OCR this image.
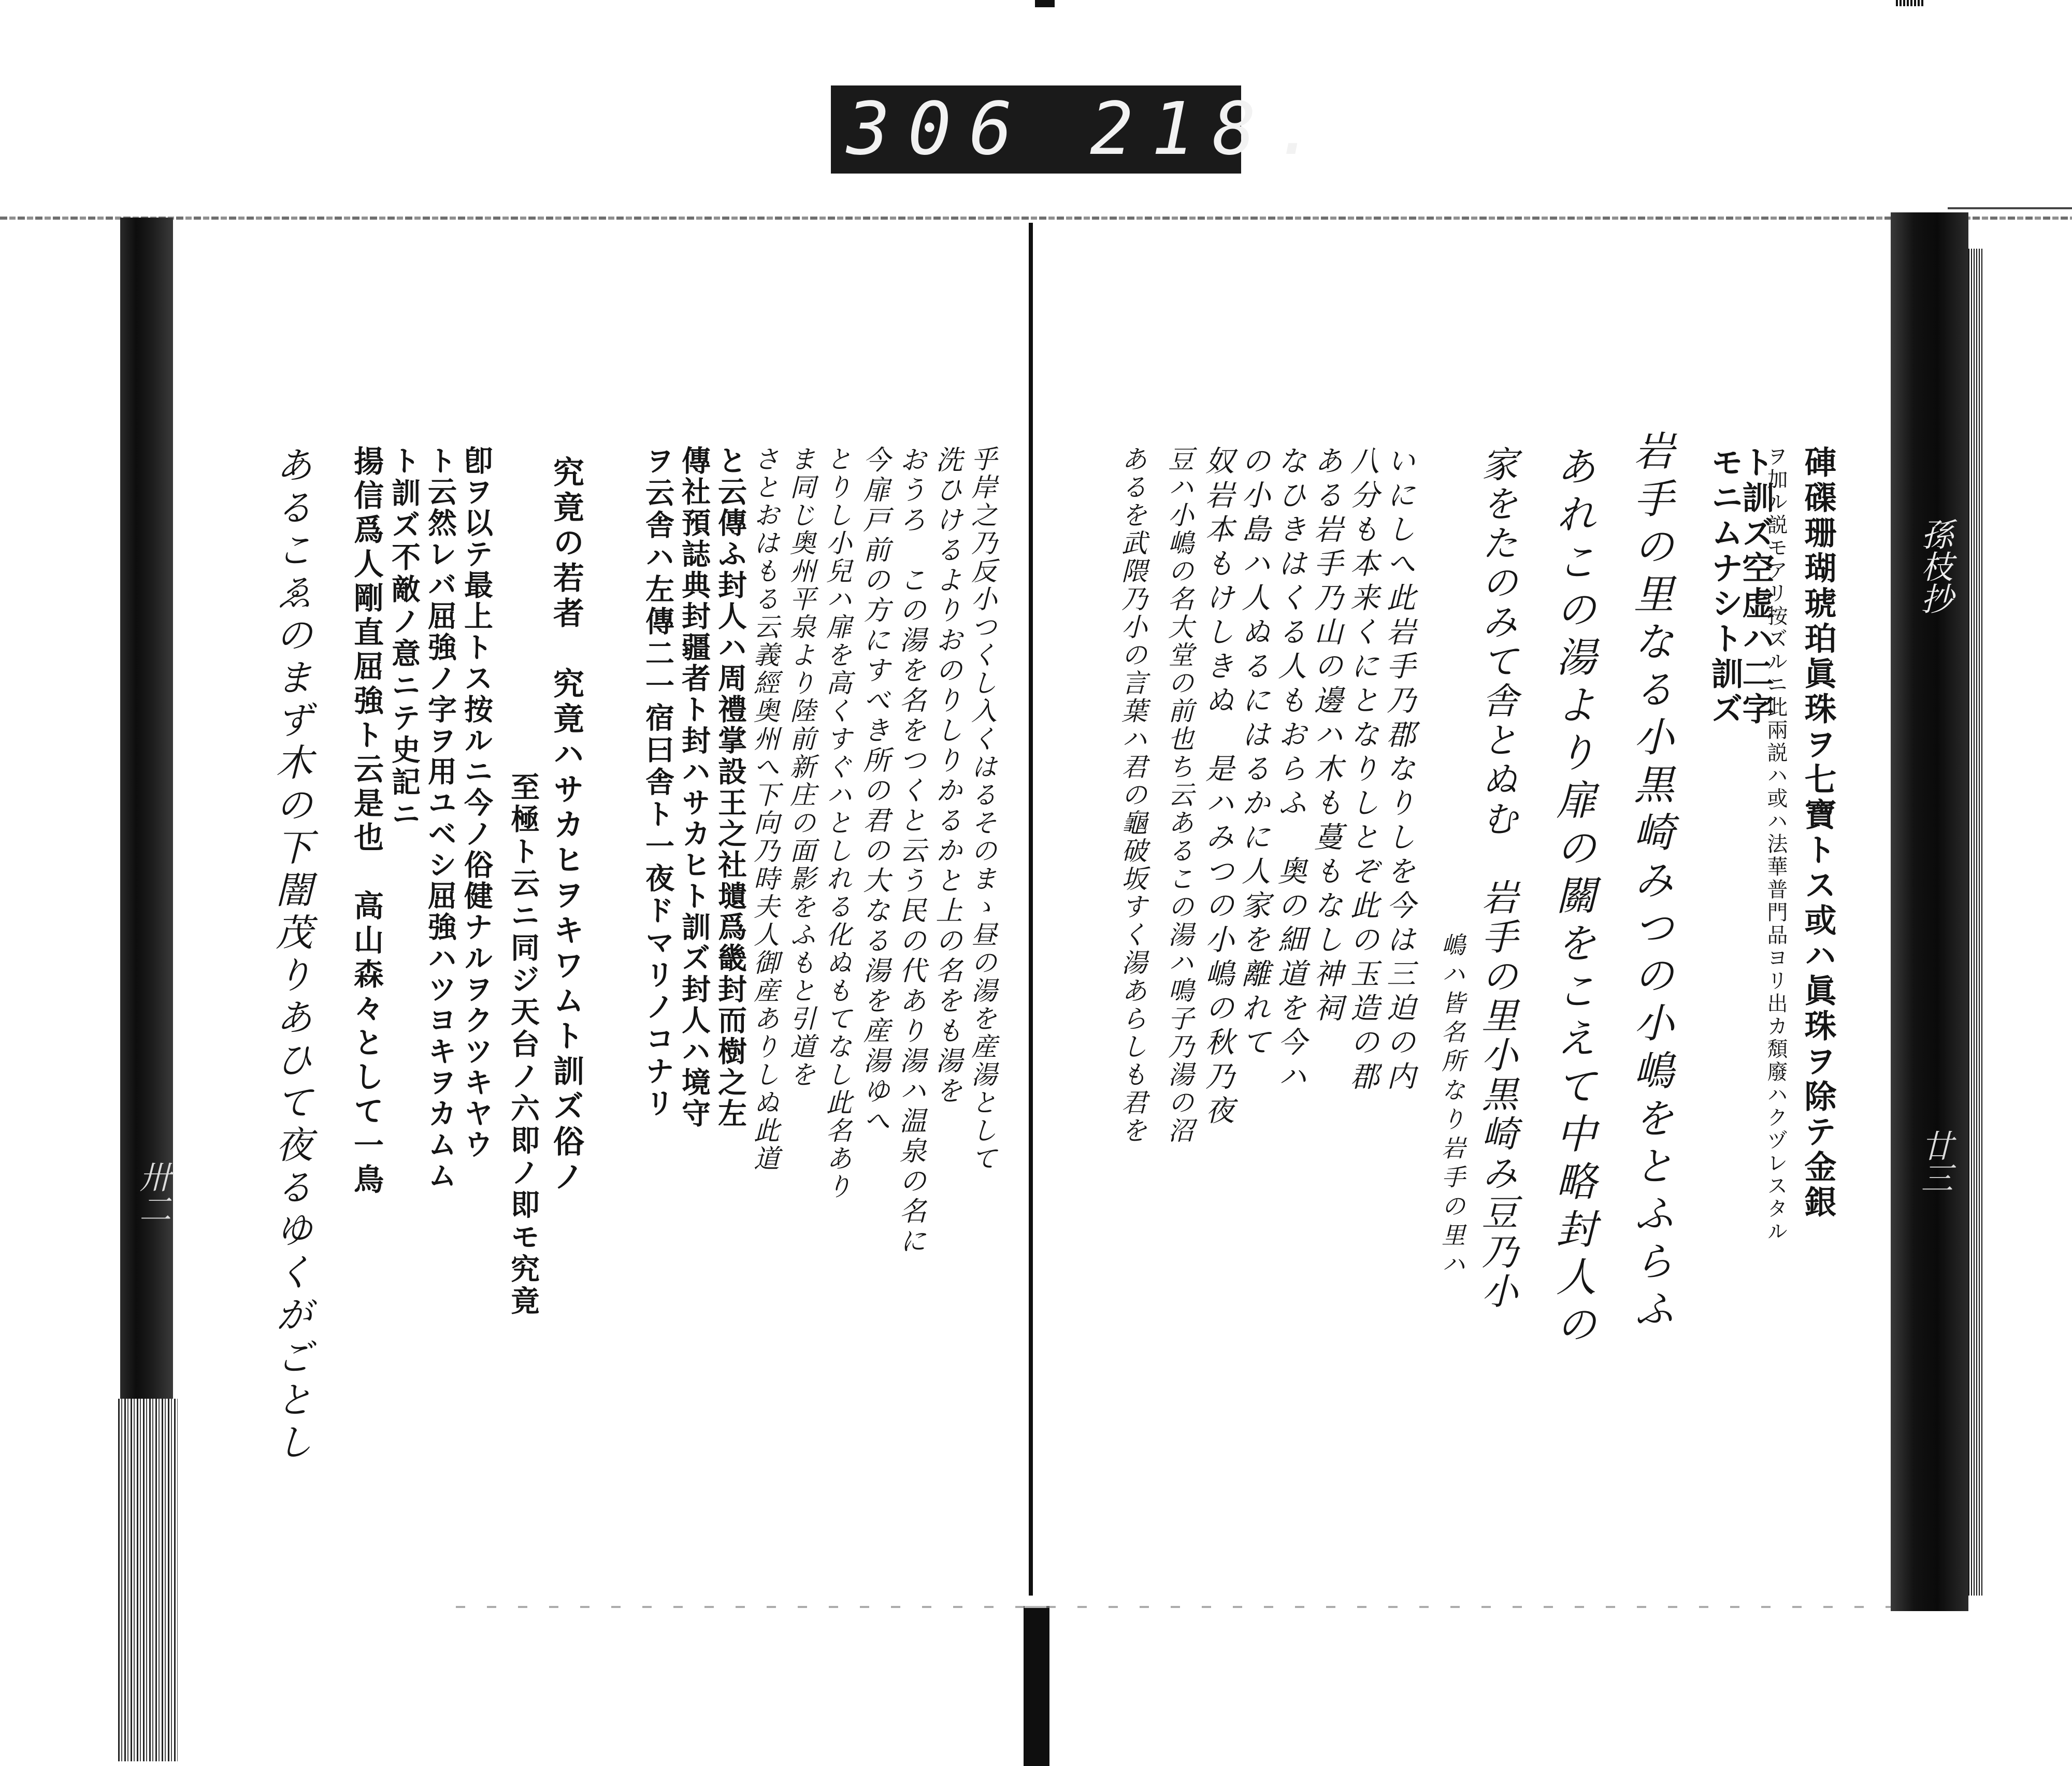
306 218.
孫枝抄
廿三
卅二	硨磲珊瑚琥珀眞珠ヲ七寶トス或ハ眞珠ヲ除テ金銀
ヲ加ル説モアリ按ズルニ此兩説ハ或ハ法華普門品ヨリ出カ頽廢ハクヅレスタル
ト訓ズ空虚ハ二字
モニムナシト訓ズ
岩手の里なる小黒崎みつの小嶋をとふらふ
あれこの湯より扉の關をこえて中略封人の
家をたのみて舎とぬむ　岩手の里小黒崎み豆乃小
嶋ハ皆名所なり岩手の里ハ
いにしへ此岩手乃郡なりしを今は三迫の内
八分も本来くにとなりしとぞ此の玉造の郡
ある岩手乃山の邊ハ木も蔓もなし神祠
なひきはくる人もおらふ　奥の細道を今ハ
の小島ハ人ぬるにはるかに人家を離れて
奴岩本もけしきぬ　是ハみつの小嶋の秋乃夜
豆ハ小嶋の名大堂の前也ち云あるこの湯ハ鳴子乃湯の沼
あるを武隈乃小の言葉ハ君の龜破坂すく湯あらしも君を
乎岸之乃反小つくし入くはるそのまゝ昼の湯を産湯として
洗ひけるよりおのりしりかるかと上の名をも湯を
おうろ　この湯を名をつくと云う民の代あり湯ハ温泉の名に
今扉戸前の方にすべき所の君の大なる湯を産湯ゆへ
とりし小兒ハ扉を高くすぐハとしれる化ぬもてなし此名あり
ま同じ奥州平泉より陸前新庄の面影をふもと引道を
さとおはもる云義經奥州へ下向乃時夫人御産ありしぬ此道
と云傳ふ封人ハ周禮掌設王之社壝爲畿封而樹之左
傳社預誌典封疆者ト封ハサカヒト訓ズ封人ハ境守
ヲ云舎ハ左傳二一宿曰舎ト一夜ドマリノコナリ
究竟の若者　究竟ハサカヒヲキワムト訓ズ俗ノ
至極ト云ニ同ジ天台ノ六即ノ即モ究竟
卽ヲ以テ最上トス按ルニ今ノ俗健ナルヲクツキヤウ
ト云然レバ屈強ノ字ヲ用ユベシ屈強ハツヨキヲカムム
ト訓ズ不敵ノ意ニテ史記ニ
揚信爲人剛直屈強ト云是也　高山森々として一鳥
あるこゑのまず木の下闇茂りあひて夜るゆくがごとし
